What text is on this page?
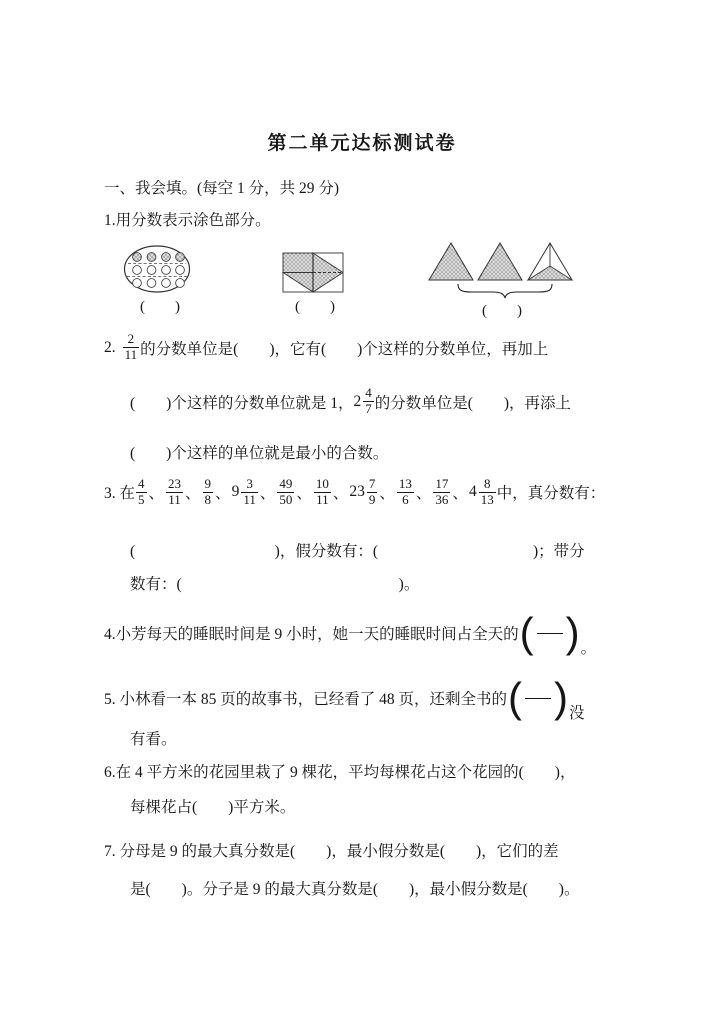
第二单元达标测试卷
一、我会填。(每空 1 分，共 29 分)
1.用分数表示涂色部分。
(　　)	(　　)	(　　)
2. $\frac{2}{11}$ 的分数单位是(　　)，它有(　　)个这样的分数单位，再加上
(　　)个这样的分数单位就是 1， $2 \frac{4}{7}$ 的分数单位是(　　)，再添上
(　　)个这样的单位就是最小的合数。
3. 在 $\frac{4}{5}$ 、 $\frac{23}{11}$ 、 $\frac{9}{8}$ 、 $9 \frac{3}{11}$ 、 $\frac{49}{50}$ 、 $\frac{10}{11}$ 、 $23 \frac{7}{9}$ 、 $\frac{13}{6}$ 、 $\frac{17}{36}$ 、 $4 \frac{8}{13}$ 中，真分数有：
(　　　　　　　　　)，假分数有：(　　　　　　　　　　)；带分
数有：(　　　　　　　　　　　　　　)。
4.小芳每天的睡眠时间是 9 小时，她一天的睡眠时间占全天的 ( ) 。
5. 小林看一本 85 页的故事书，已经看了 48 页，还剩全书的 ( ) 没
有看。
6.在 4 平方米的花园里栽了 9 棵花，平均每棵花占这个花园的(　　)，
每棵花占(　　)平方米。
7. 分母是 9 的最大真分数是(　　)，最小假分数是(　　)，它们的差
是(　　)。分子是 9 的最大真分数是(　　)，最小假分数是(　　)。
